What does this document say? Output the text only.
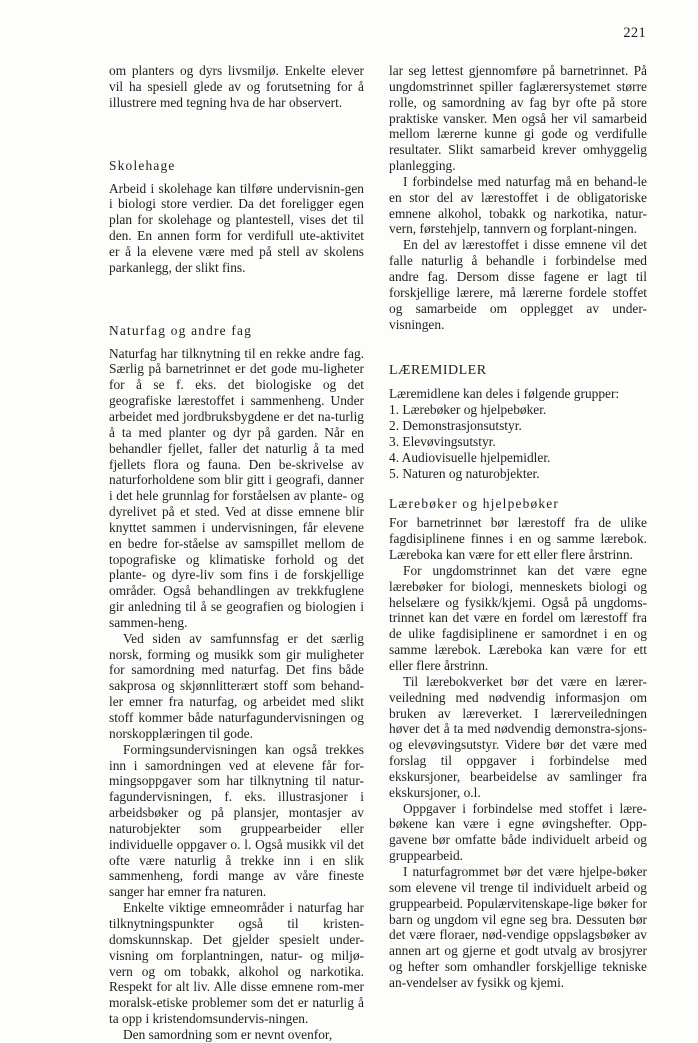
221

om planters og dyrs livsmiljø. Enkelte elever vil ha spesiell glede av og forutsetning for å illustrere med tegning hva de har observert.

Skolehage

Arbeid i skolehage kan tilføre undervisnin-gen i biologi store verdier. Da det foreligger egen plan for skolehage og plantestell, vises det til den. En annen form for verdifull ute-aktivitet er å la elevene være med på stell av skolens parkanlegg, der slikt fins.

Naturfag og andre fag

Naturfag har tilknytning til en rekke andre fag. Særlig på barnetrinnet er det gode mu-ligheter for å se f. eks. det biologiske og det geografiske lærestoffet i sammenheng. Under arbeidet med jordbruksbygdene er det na-turlig å ta med planter og dyr på garden. Når en behandler fjellet, faller det naturlig å ta med fjellets flora og fauna. Den be-skrivelse av naturforholdene som blir gitt i geografi, danner i det hele grunnlag for forståelsen av plante- og dyrelivet på et sted. Ved at disse emnene blir knyttet sammen i undervisningen, får elevene en bedre for-ståelse av samspillet mellom de topografiske og klimatiske forhold og det plante- og dyre-liv som fins i de forskjellige områder. Også behandlingen av trekkfuglene gir anledning til å se geografien og biologien i sammen-heng.

Ved siden av samfunnsfag er det særlig norsk, forming og musikk som gir muligheter for samordning med naturfag. Det fins både sakprosa og skjønnlitterært stoff som behand-ler emner fra naturfag, og arbeidet med slikt stoff kommer både naturfagundervisningen og norskopplæringen til gode.

Formingsundervisningen kan også trekkes inn i samordningen ved at elevene får for-mingsoppgaver som har tilknytning til natur-fagundervisningen, f. eks. illustrasjoner i arbeidsbøker og på plansjer, montasjer av naturobjekter som gruppearbeider eller individuelle oppgaver o. l. Også musikk vil det ofte være naturlig å trekke inn i en slik sammenheng, fordi mange av våre fineste sanger har emner fra naturen.

Enkelte viktige emneområder i naturfag har tilknytningspunkter også til kristen-domskunnskap. Det gjelder spesielt under-visning om forplantningen, natur- og miljø-vern og om tobakk, alkohol og narkotika. Respekt for alt liv. Alle disse emnene rom-mer moralsk-etiske problemer som det er naturlig å ta opp i kristendomsundervis-ningen.

Den samordning som er nevnt ovenfor,

lar seg lettest gjennomføre på barnetrinnet. På ungdomstrinnet spiller faglærersystemet større rolle, og samordning av fag byr ofte på store praktiske vansker. Men også her vil samarbeid mellom lærerne kunne gi gode og verdifulle resultater. Slikt samarbeid krever omhyggelig planlegging.

I forbindelse med naturfag må en behand-le en stor del av lærestoffet i de obligatoriske emnene alkohol, tobakk og narkotika, natur-vern, førstehjelp, tannvern og forplant-ningen.

En del av lærestoffet i disse emnene vil det falle naturlig å behandle i forbindelse med andre fag. Dersom disse fagene er lagt til forskjellige lærere, må lærerne fordele stoffet og samarbeide om opplegget av under-visningen.

LÆREMIDLER

Læremidlene kan deles i følgende grupper:

1. Lærebøker og hjelpebøker.
2. Demonstrasjonsutstyr.
3. Elevøvingsutstyr.
4. Audiovisuelle hjelpemidler.
5. Naturen og naturobjekter.
Lærebøker og hjelpebøker

For barnetrinnet bør lærestoff fra de ulike fagdisiplinene finnes i en og samme lærebok. Læreboka kan være for ett eller flere årstrinn.

For ungdomstrinnet kan det være egne lærebøker for biologi, menneskets biologi og helselære og fysikk/kjemi. Også på ungdoms-trinnet kan det være en fordel om lærestoff fra de ulike fagdisiplinene er samordnet i en og samme lærebok. Læreboka kan være for ett eller flere årstrinn.

Til lærebokverket bør det være en lærer-veiledning med nødvendig informasjon om bruken av læreverket. I lærerveiledningen høver det å ta med nødvendig demonstra-sjons- og elevøvingsutstyr. Videre bør det være med forslag til oppgaver i forbindelse med ekskursjoner, bearbeidelse av samlinger fra ekskursjoner, o.l.

Oppgaver i forbindelse med stoffet i lære-bøkene kan være i egne øvingshefter. Opp-gavene bør omfatte både individuelt arbeid og gruppearbeid.

I naturfagrommet bør det være hjelpe-bøker som elevene vil trenge til individuelt arbeid og gruppearbeid. Populærvitenskape-lige bøker for barn og ungdom vil egne seg bra. Dessuten bør det være floraer, nød-vendige oppslagsbøker av annen art og gjerne et godt utvalg av brosjyrer og hefter som omhandler forskjellige tekniske an-vendelser av fysikk og kjemi.
